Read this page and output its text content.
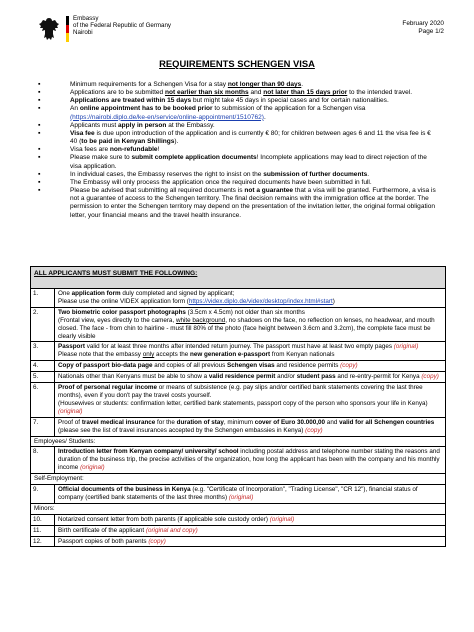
Embassy
of the Federal Republic of Germany
Nairobi
February 2020
Page 1/2
REQUIREMENTS SCHENGEN VISA
▪	Minimum requirements for a Schengen Visa for a stay not longer than 90 days.
▪	Applications are to be submitted not earlier than six months and not later than 15 days prior to the intended travel.
▪	Applications are treated within 15 days but might take 45 days in special cases and for certain nationalities.
▪	An online appointment has to be booked prior to submission of the application for a Schengen visa (https://nairobi.diplo.de/ke-en/service/online-appointment/1510762).
▪	Applicants must apply in person at the Embassy.
▪	Visa fee is due upon introduction of the application and is currently € 80; for children between ages 6 and 11 the visa fee is € 40 (to be paid in Kenyan Shillings).
▪	Visa fees are non-refundable!
▪	Please make sure to submit complete application documents! Incomplete applications may lead to direct rejection of the visa application.
▪	In individual cases, the Embassy reserves the right to insist on the submission of further documents.
▪	The Embassy will only process the application once the required documents have been submitted in full.
▪	Please be advised that submitting all required documents is not a guarantee that a visa will be granted. Furthermore, a visa is not a guarantee of access to the Schengen territory. The final decision remains with the immigration office at the border. The permission to enter the Schengen territory may depend on the presentation of the invitation letter, the original formal obligation letter, your financial means and the travel health insurance.
ALL APPLICANTS MUST SUBMIT THE FOLLOWING:
1.	One application form duly completed and signed by applicant;
Please use the online VIDEX application form (https://videx.diplo.de/videx/desktop/index.html#start)
2.	Two biometric color passport photographs (3.5cm x 4.5cm) not older than six months
(Frontal view, eyes directly to the camera, white background, no shadows on the face, no reflection on lenses, no headwear, and mouth closed. The face - from chin to hairline - must fill 80% of the photo (face height between 3.6cm and 3.2cm), the complete face must be clearly visible
3.	Passport valid for at least three months after intended return journey. The passport must have at least two empty pages (original)
Please note that the embassy only accepts the new generation e-passport from Kenyan nationals
4.	Copy of passport bio-data page and copies of all previous Schengen visas and residence permits (copy)
5.	Nationals other than Kenyans must be able to show a valid residence permit and/or student pass and re-entry-permit for Kenya (copy)
6.	Proof of personal regular income or means of subsistence (e.g. pay slips and/or certified bank statements covering the last three months), even if you don't pay the travel costs yourself.
(Housewives or students: confirmation letter, certified bank statements, passport copy of the person who sponsors your life in Kenya) (original)
7.	Proof of travel medical insurance for the duration of stay, minimum cover of Euro 30.000,00 and valid for all Schengen countries (please see the list of travel insurances accepted by the Schengen embassies in Kenya) (copy)
Employees/ Students:
8.	Introduction letter from Kenyan company/ university/ school including postal address and telephone number stating the reasons and duration of the business trip, the precise activities of the organization, how long the applicant has been with the company and his monthly income (original)
Self-Employment:
9.	Official documents of the business in Kenya (e.g. "Certificate of Incorporation", "Trading License", "CR 12"), financial status of company (certified bank statements of the last three months) (original)
Minors:
10.	Notarized consent letter from both parents (if applicable sole custody order) (original)
11.	Birth certificate of the applicant (original and copy)
12.	Passport copies of both parents (copy)
